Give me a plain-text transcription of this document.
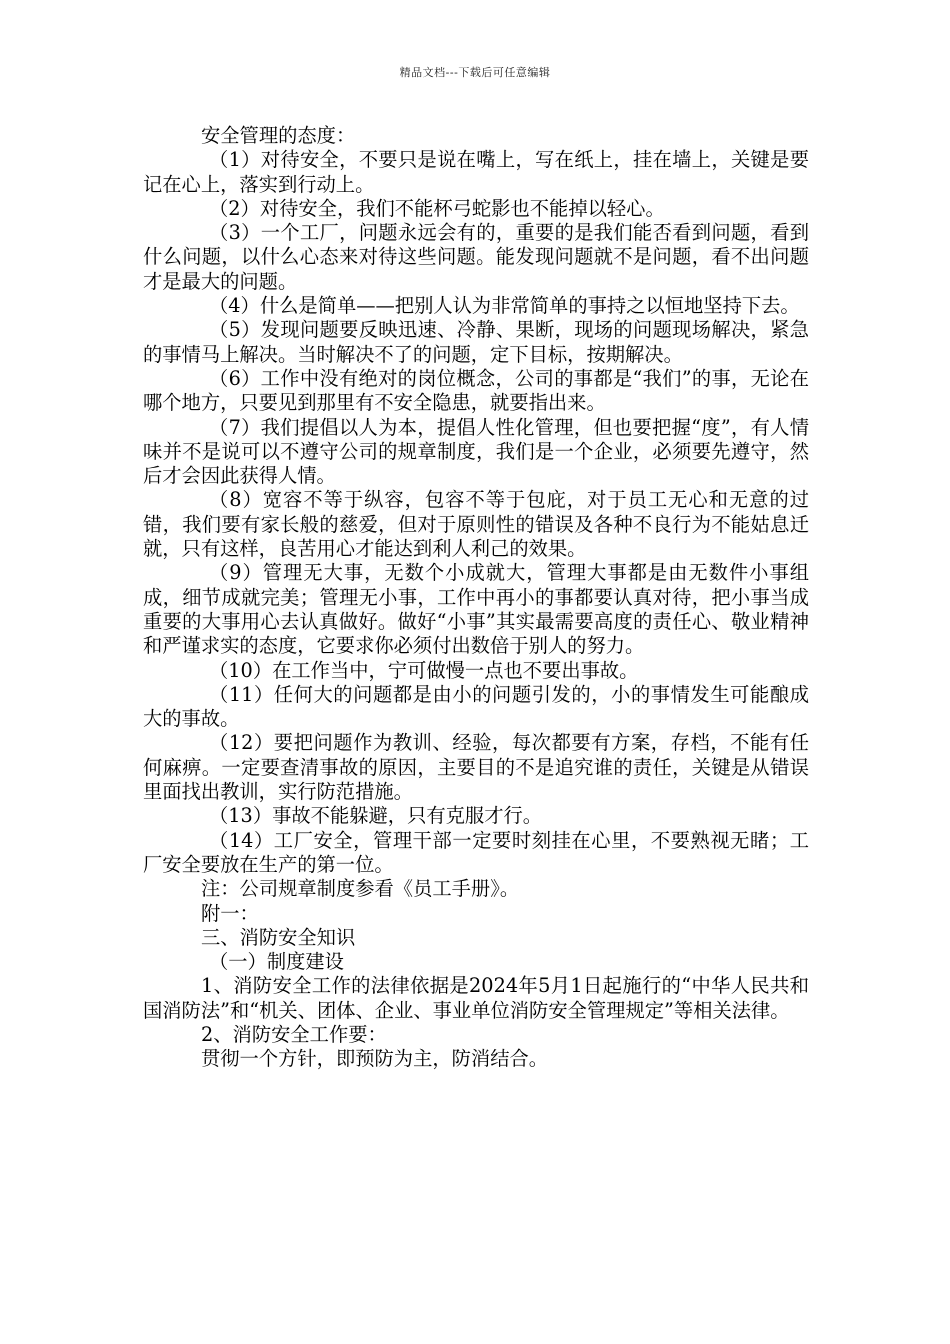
精品文档---下载后可任意编辑

安全管理的态度：

（1）对待安全，不要只是说在嘴上，写在纸上，挂在墙上，关键是要记在心上，落实到行动上。

（2）对待安全，我们不能杯弓蛇影也不能掉以轻心。

（3）一个工厂，问题永远会有的，重要的是我们能否看到问题，看到什么问题，以什么心态来对待这些问题。能发现问题就不是问题，看不出问题才是最大的问题。

（4）什么是简单——把别人认为非常简单的事持之以恒地坚持下去。

（5）发现问题要反映迅速、冷静、果断，现场的问题现场解决，紧急的事情马上解决。当时解决不了的问题，定下目标，按期解决。

（6）工作中没有绝对的岗位概念，公司的事都是“我们”的事，无论在哪个地方，只要见到那里有不安全隐患，就要指出来。

（7）我们提倡以人为本，提倡人性化管理，但也要把握“度”，有人情味并不是说可以不遵守公司的规章制度，我们是一个企业，必须要先遵守，然后才会因此获得人情。

（8）宽容不等于纵容，包容不等于包庇，对于员工无心和无意的过错，我们要有家长般的慈爱，但对于原则性的错误及各种不良行为不能姑息迁就，只有这样，良苦用心才能达到利人利己的效果。

（9）管理无大事，无数个小成就大，管理大事都是由无数件小事组成，细节成就完美；管理无小事，工作中再小的事都要认真对待，把小事当成重要的大事用心去认真做好。做好“小事”其实最需要高度的责任心、敬业精神和严谨求实的态度，它要求你必须付出数倍于别人的努力。

（10）在工作当中，宁可做慢一点也不要出事故。

（11）任何大的问题都是由小的问题引发的，小的事情发生可能酿成大的事故。

（12）要把问题作为教训、经验，每次都要有方案，存档，不能有任何麻痹。一定要查清事故的原因，主要目的不是追究谁的责任，关键是从错误里面找出教训，实行防范措施。

（13）事故不能躲避，只有克服才行。

（14）工厂安全，管理干部一定要时刻挂在心里，不要熟视无睹；工厂安全要放在生产的第一位。

注：公司规章制度参看《员工手册》。

附一：

三、消防安全知识

（一）制度建设

1、消防安全工作的法律依据是2024年5月1日起施行的“中华人民共和国消防法”和“机关、团体、企业、事业单位消防安全管理规定”等相关法律。

2、消防安全工作要：

贯彻一个方针，即预防为主，防消结合。
